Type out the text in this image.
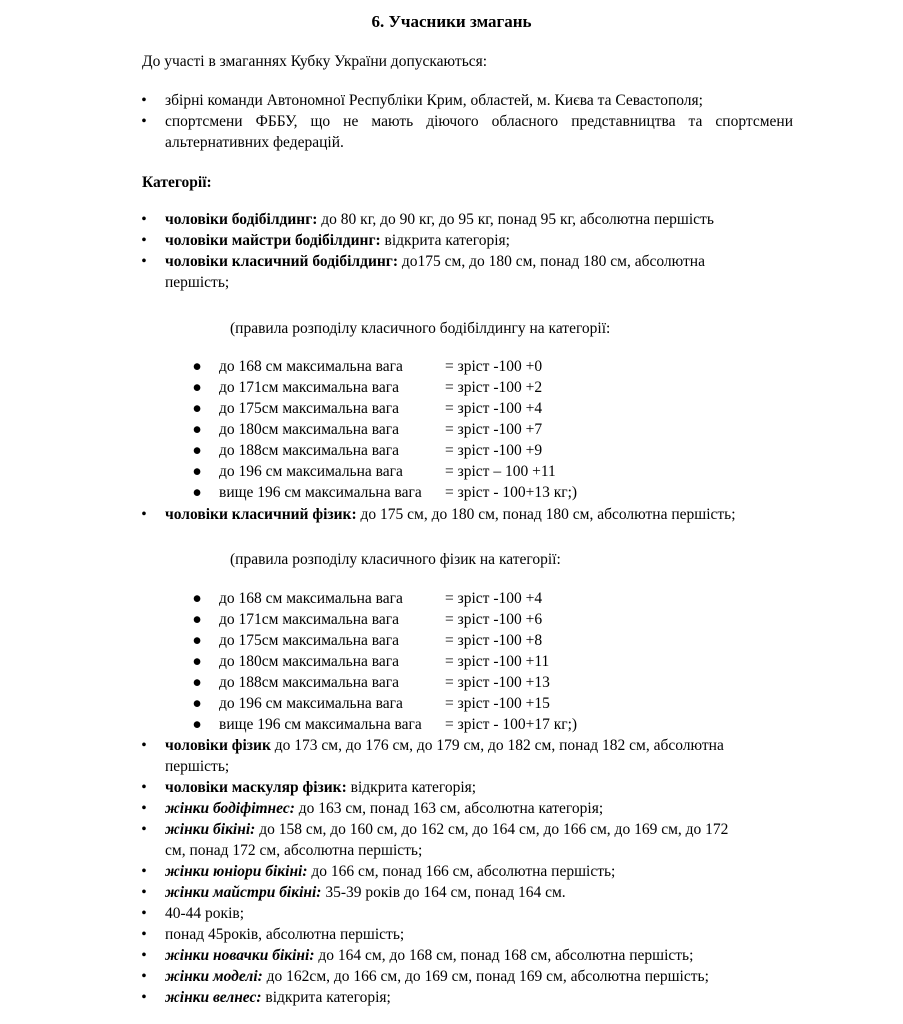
6. Учасники змагань
До участі в змаганнях Кубку України допускаються:
• збірні команди Автономної Республіки Крим, областей, м. Києва та Севастополя;
• спортсмени ФББУ, що не мають діючого обласного представництва та спортсмени
альтернативних федерацій.
Категорії:
• чоловіки бодібілдинг: до 80 кг, до 90 кг, до 95 кг, понад 95 кг, абсолютна першість
• чоловіки майстри бодібілдинг: відкрита категорія;
• чоловіки класичний бодібілдинг: до175 см, до 180 см, понад 180 см, абсолютна
першість;
(правила розподілу класичного бодібілдингу на категорії:
● до 168 см максимальна вага	= зріст -100 +0
● до 171см максимальна вага	= зріст -100 +2
● до 175см максимальна вага	= зріст -100 +4
● до 180см максимальна вага	= зріст -100 +7
● до 188см максимальна вага	= зріст -100 +9
● до 196 см максимальна вага	= зріст – 100 +11
● вище 196 см максимальна вага = зріст - 100+13 кг;)
• чоловіки класичний фізик: до 175 см, до 180 см, понад 180 см, абсолютна першість;
(правила розподілу класичного фізик на категорії:
● до 168 см максимальна вага	= зріст -100 +4
● до 171см максимальна вага	= зріст -100 +6
● до 175см максимальна вага	= зріст -100 +8
● до 180см максимальна вага	= зріст -100 +11
● до 188см максимальна вага	= зріст -100 +13
● до 196 см максимальна вага	= зріст -100 +15
● вище 196 см максимальна вага = зріст - 100+17 кг;)
• чоловіки фізик до 173 см, до 176 см, до 179 см, до 182 см, понад 182 см, абсолютна
першість;
• чоловіки маскуляр фізик: відкрита категорія;
• жінки бодіфітнес: до 163 см, понад 163 см, абсолютна категорія;
• жінки бікіні: до 158 см, до 160 см, до 162 см, до 164 см, до 166 см, до 169 см, до 172
см, понад 172 см, абсолютна першість;
• жінки юніори бікіні: до 166 см, понад 166 см, абсолютна першість;
• жінки майстри бікіні: 35-39 років до 164 см, понад 164 см.
• 40-44 років;
• понад 45років, абсолютна першість;
• жінки новачки бікіні: до 164 см, до 168 см, понад 168 см, абсолютна першість;
• жінки моделі: до 162см, до 166 см, до 169 см, понад 169 см, абсолютна першість;
• жінки велнес: відкрита категорія;
